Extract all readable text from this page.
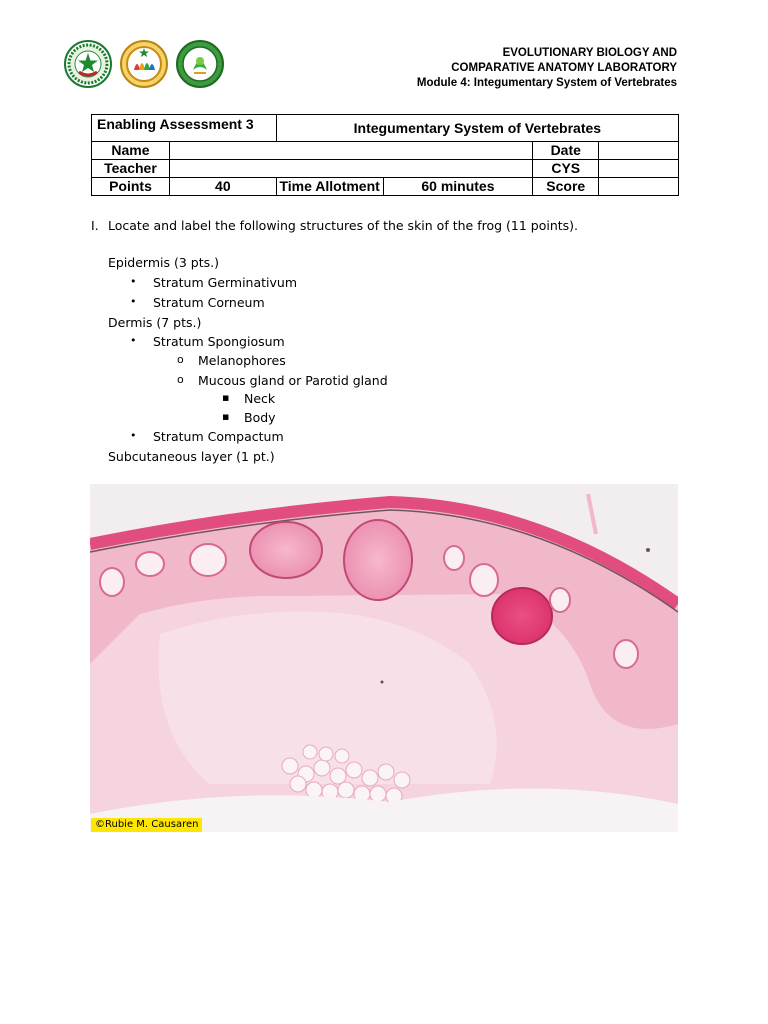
EVOLUTIONARY BIOLOGY AND
COMPARATIVE ANATOMY LABORATORY
Module 4: Integumentary System of Vertebrates
Enabling Assessment 3		Integumentary System of Vertebrates			
Name				Date	
Teacher				CYS	
Points	40	Time Allotment	60 minutes	Score	
I. Locate and label the following structures of the skin of the frog (11 points).
Epidermis (3 pts.)
• Stratum Germinativum
• Stratum Corneum
Dermis (7 pts.)
• Stratum Spongiosum
o Melanophores
o Mucous gland or Parotid gland
▪ Neck
▪ Body
• Stratum Compactum
Subcutaneous layer (1 pt.)
©Rubie M. Causaren
